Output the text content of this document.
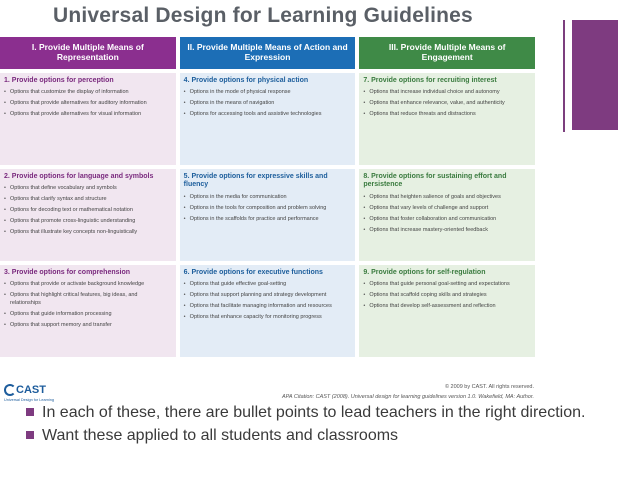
Universal Design for Learning Guidelines
I. Provide Multiple Means of Representation
1. Provide options for perception
• Options that customize the display of information
• Options that provide alternatives for auditory information
• Options that provide alternatives for visual information
2. Provide options for language and symbols
• Options that define vocabulary and symbols
• Options that clarify syntax and structure
• Options for decoding text or mathematical notation
• Options that promote cross-linguistic understanding
• Options that illustrate key concepts non-linguistically
3. Provide options for comprehension
• Options that provide or activate background knowledge
• Options that highlight critical features, big ideas, and relationships
• Options that guide information processing
• Options that support memory and transfer
II. Provide Multiple Means of Action and Expression
4. Provide options for physical action
• Options in the mode of physical response
• Options in the means of navigation
• Options for accessing tools and assistive technologies
5. Provide options for expressive skills and fluency
• Options in the media for communication
• Options in the tools for composition and problem solving
• Options in the scaffolds for practice and performance
6. Provide options for executive functions
• Options that guide effective goal-setting
• Options that support planning and strategy development
• Options that facilitate managing information and resources
• Options that enhance capacity for monitoring progress
III. Provide Multiple Means of Engagement
7. Provide options for recruiting interest
• Options that increase individual choice and autonomy
• Options that enhance relevance, value, and authenticity
• Options that reduce threats and distractions
8. Provide options for sustaining effort and persistence
• Options that heighten salience of goals and objectives
• Options that vary levels of challenge and support
• Options that foster collaboration and communication
• Options that increase mastery-oriented feedback
9. Provide options for self-regulation
• Options that guide personal goal-setting and expectations
• Options that scaffold coping skills and strategies
• Options that develop self-assessment and reflection
CAST
Universal Design for Learning
© 2009 by CAST. All rights reserved.
APA Citation: CAST (2008). Universal design for learning guidelines version 1.0. Wakefield, MA: Author.
In each of these, there are bullet points to lead teachers in the right direction.
Want these applied to all students and classrooms
